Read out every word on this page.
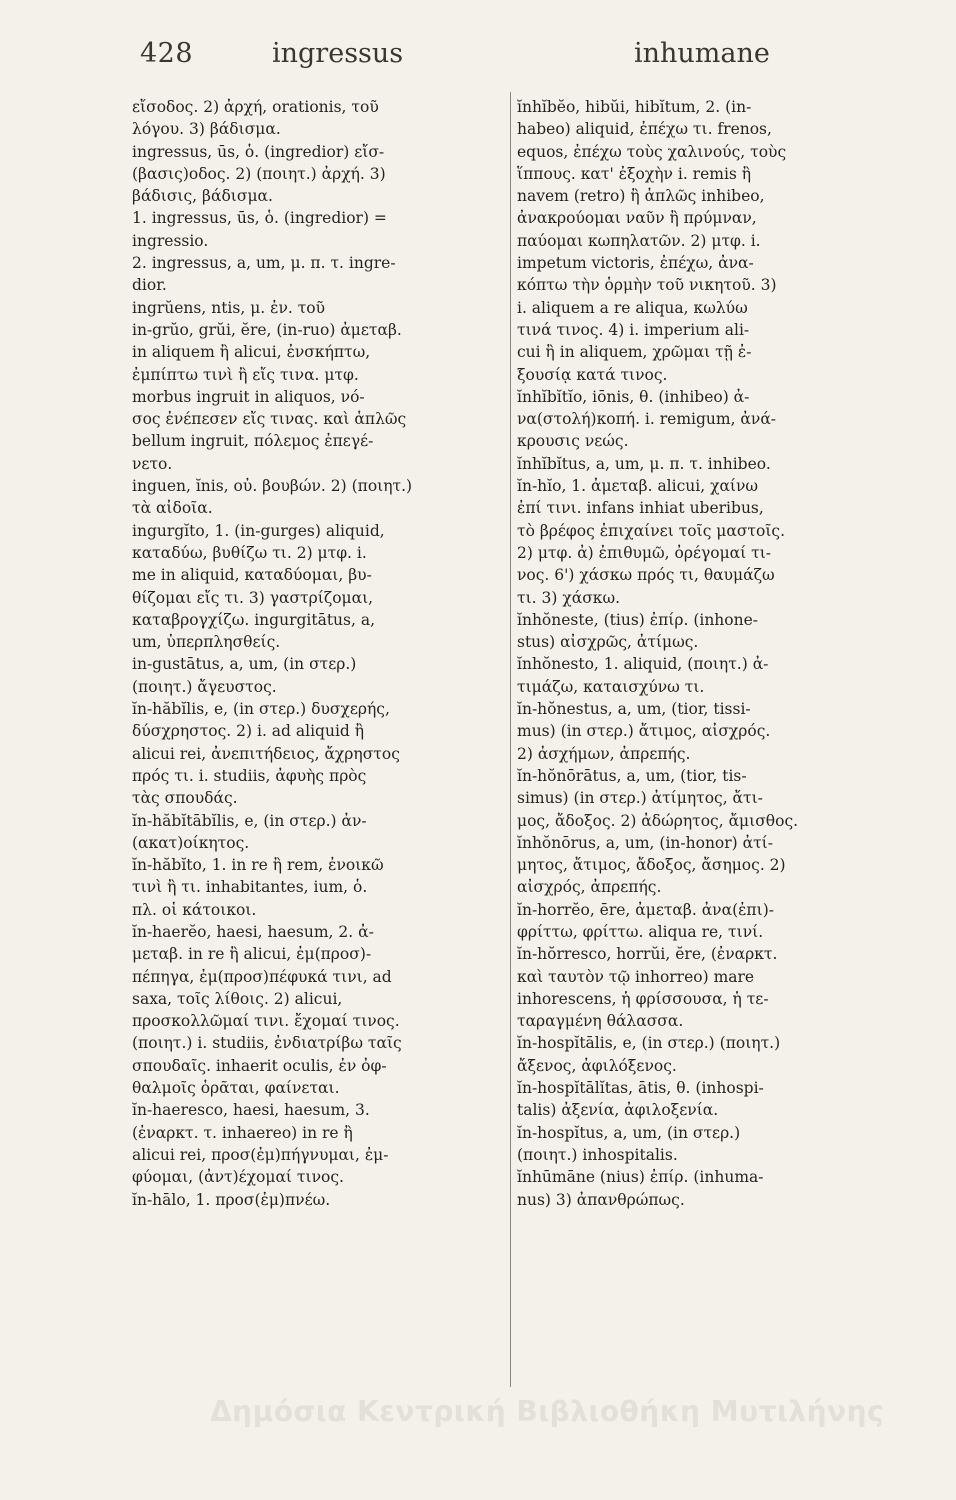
428	ingressus	inhumane
εἴσοδος. 2) ἀρχή, orationis, τοῦ
λόγου. 3) βάδισμα.
ingressus, ūs, ὁ. (ingredior) εἴσ-
(βασις)οδος. 2) (ποιητ.) ἀρχή. 3)
βάδισις, βάδισμα.
1. ingressus, ūs, ὁ. (ingredior) =
ingressio.
2. ingressus, a, um, μ. π. τ. ingre-
dior.
ingrŭens, ntis, μ. ἐν. τοῦ
in-grŭo, grŭi, ĕre, (in-ruo) ἀμεταβ.
in aliquem ἢ alicui, ἐνσκήπτω,
ἐμπίπτω τινὶ ἢ εἴς τινα. μτφ.
morbus ingruit in aliquos, νό-
σος ἐνέπεσεν εἴς τινας. καὶ ἁπλῶς
bellum ingruit, πόλεμος ἐπεγέ-
νετο.
inguen, ĭnis, οὐ. βουβών. 2) (ποιητ.)
τὰ αἰδοῖα.
ingurgĭto, 1. (in-gurges) aliquid,
καταδύω, βυθίζω τι. 2) μτφ. i.
me in aliquid, καταδύομαι, βυ-
θίζομαι εἴς τι. 3) γαστρίζομαι,
καταβρογχίζω. ingurgitātus, a,
um, ὑπερπλησθείς.
in-gustātus, a, um, (in στερ.)
(ποιητ.) ἄγευστος.
ĭn-hăbĭlis, e, (in στερ.) δυσχερής,
δύσχρηστος. 2) i. ad aliquid ἢ
alicui rei, ἀνεπιτήδειος, ἄχρηστος
πρός τι. i. studiis, ἀφυὴς πρὸς
τὰς σπουδάς.
ĭn-hăbĭtābĭlis, e, (in στερ.) ἀν-
(ακατ)οίκητος.
ĭn-hăbĭto, 1. in re ἢ rem, ἐνοικῶ
τινὶ ἢ τι. inhabitantes, ium, ὁ.
πλ. οἱ κάτοικοι.
ĭn-haerĕo, haesi, haesum, 2. ἀ-
μεταβ. in re ἢ alicui, ἐμ(προσ)-
πέπηγα, ἐμ(προσ)πέφυκά τινι, ad
saxa, τοῖς λίθοις. 2) alicui,
προσκολλῶμαί τινι. ἔχομαί τινος.
(ποιητ.) i. studiis, ἐνδιατρίβω ταῖς
σπουδαῖς. inhaerit oculis, ἐν ὀφ-
θαλμοῖς ὁρᾶται, φαίνεται.
ĭn-haeresco, haesi, haesum, 3.
(ἐναρκτ. τ. inhaereo) in re ἢ
alicui rei, προσ(ἐμ)πήγνυμαι, ἐμ-
φύομαι, (ἀντ)έχομαί τινος.
ĭn-hālo, 1. προσ(ἐμ)πνέω.
ĭnhĭbĕo, hibŭi, hibĭtum, 2. (in-
habeo) aliquid, ἐπέχω τι. frenos,
equos, ἐπέχω τοὺς χαλινούς, τοὺς
ἵππους. κατ' ἐξοχὴν i. remis ἢ
navem (retro) ἢ ἁπλῶς inhibeo,
ἀνακρούομαι ναῦν ἢ πρύμναν,
παύομαι κωπηλατῶν. 2) μτφ. i.
impetum victoris, ἐπέχω, ἀνα-
κόπτω τὴν ὁρμὴν τοῦ νικητοῦ. 3)
i. aliquem a re aliqua, κωλύω
τινά τινος. 4) i. imperium ali-
cui ἢ in aliquem, χρῶμαι τῇ ἐ-
ξουσίᾳ κατά τινος.
ĭnhĭbĭtĭo, iōnis, θ. (inhibeo) ἀ-
να(στολή)κοπή. i. remigum, ἀνά-
κρουσις νεώς.
ĭnhĭbĭtus, a, um, μ. π. τ. inhibeo.
ĭn-hĭo, 1. ἀμεταβ. alicui, χαίνω
ἐπί τινι. infans inhiat uberibus,
τὸ βρέφος ἐπιχαίνει τοῖς μαστοῖς.
2) μτφ. ἀ) ἐπιθυμῶ, ὀρέγομαί τι-
νος. 6') χάσκω πρός τι, θαυμάζω
τι. 3) χάσκω.
ĭnhŏneste, (tius) ἐπίρ. (inhone-
stus) αἰσχρῶς, ἀτίμως.
ĭnhŏnesto, 1. aliquid, (ποιητ.) ἀ-
τιμάζω, καταισχύνω τι.
ĭn-hŏnestus, a, um, (tior, tissi-
mus) (in στερ.) ἄτιμος, αἰσχρός.
2) ἀσχήμων, ἀπρεπής.
ĭn-hŏnōrātus, a, um, (tior, tis-
simus) (in στερ.) ἀτίμητος, ἄτι-
μος, ἄδοξος. 2) ἀδώρητος, ἄμισθος.
ĭnhŏnōrus, a, um, (in-honor) ἀτί-
μητος, ἄτιμος, ἄδοξος, ἄσημος. 2)
αἰσχρός, ἀπρεπής.
ĭn-horrĕo, ēre, ἀμεταβ. ἀνα(ἐπι)-
φρίττω, φρίττω. aliqua re, τινί.
ĭn-hŏrresco, horrŭi, ĕre, (ἐναρκτ.
καὶ ταυτὸν τῷ inhorreo) mare
inhorescens, ἡ φρίσσουσα, ἡ τε-
ταραγμένη θάλασσα.
ĭn-hospĭtālis, e, (in στερ.) (ποιητ.)
ἄξενος, ἀφιλόξενος.
ĭn-hospĭtālĭtas, ātis, θ. (inhospi-
talis) ἀξενία, ἀφιλοξενία.
ĭn-hospĭtus, a, um, (in στερ.)
(ποιητ.) inhospitalis.
ĭnhūmāne (nius) ἐπίρ. (inhuma-
nus) 3) ἀπανθρώπως.
Δημόσια Κεντρική Βιβλιοθήκη Μυτιλήνης
